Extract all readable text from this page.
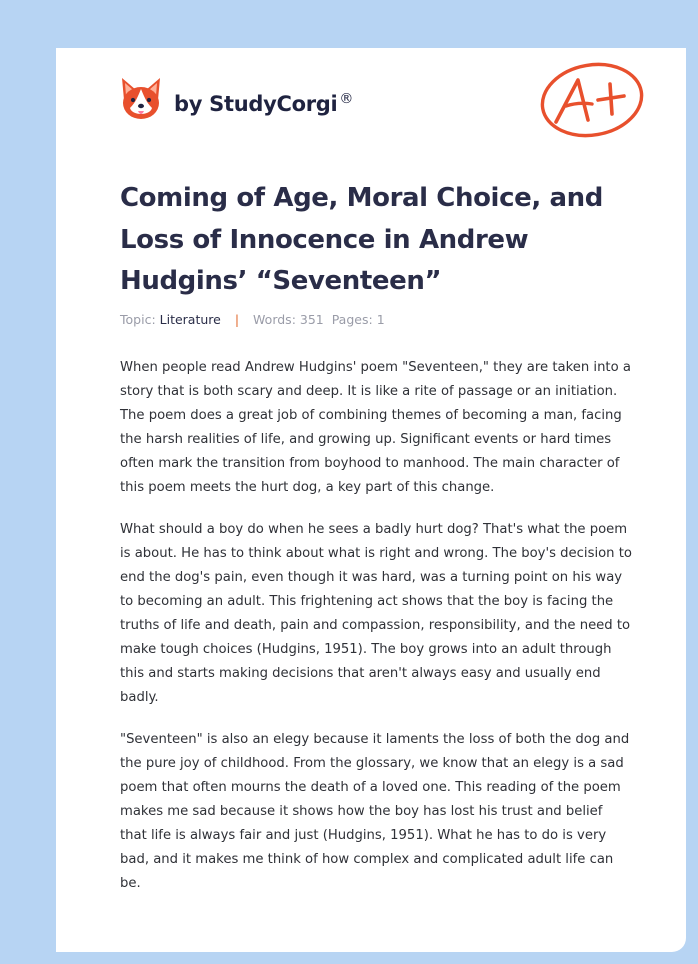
by StudyCorgi ®
Coming of Age, Moral Choice, and Loss of Innocence in Andrew Hudgins’ “Seventeen”
Topic: Literature | Words: 351 Pages: 1

When people read Andrew Hudgins' poem "Seventeen," they are taken into a story that is both scary and deep. It is like a rite of passage or an initiation. The poem does a great job of combining themes of becoming a man, facing the harsh realities of life, and growing up. Significant events or hard times often mark the transition from boyhood to manhood. The main character of this poem meets the hurt dog, a key part of this change.

What should a boy do when he sees a badly hurt dog? That's what the poem is about. He has to think about what is right and wrong. The boy's decision to end the dog's pain, even though it was hard, was a turning point on his way to becoming an adult. This frightening act shows that the boy is facing the truths of life and death, pain and compassion, responsibility, and the need to make tough choices (Hudgins, 1951). The boy grows into an adult through this and starts making decisions that aren't always easy and usually end badly.

"Seventeen" is also an elegy because it laments the loss of both the dog and the pure joy of childhood. From the glossary, we know that an elegy is a sad poem that often mourns the death of a loved one. This reading of the poem makes me sad because it shows how the boy has lost his trust and belief that life is always fair and just (Hudgins, 1951). What he has to do is very bad, and it makes me think of how complex and complicated adult life can be.
